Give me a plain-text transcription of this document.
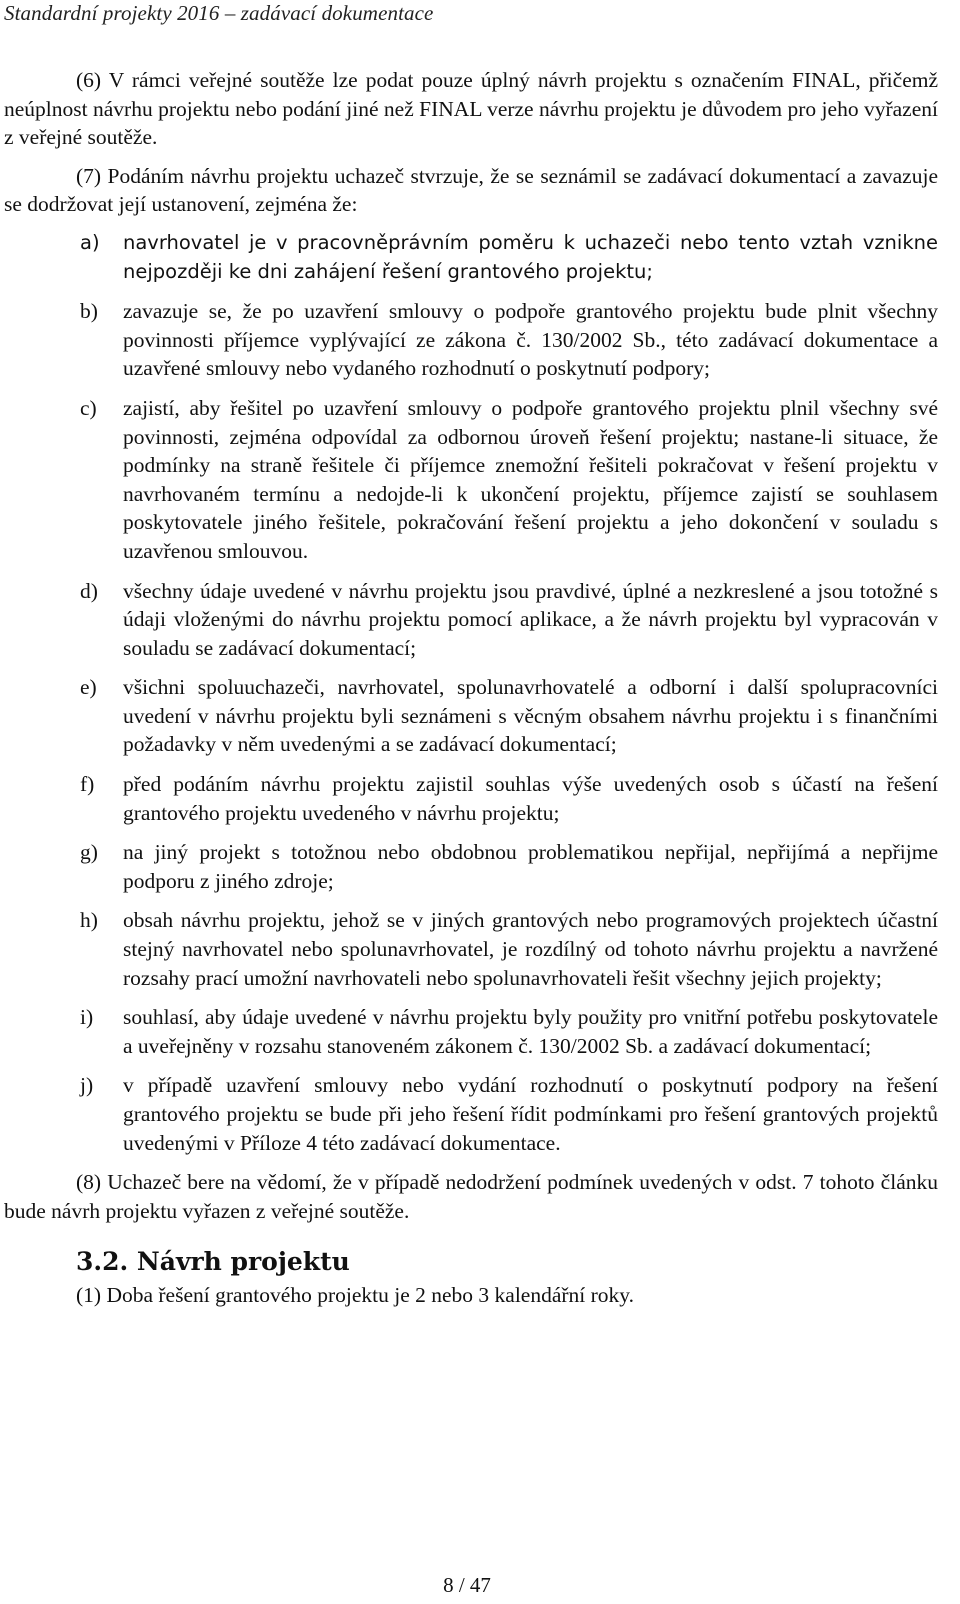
Standardní projekty 2016 – zadávací dokumentace

(6) V rámci veřejné soutěže lze podat pouze úplný návrh projektu s označením FINAL, přičemž neúplnost návrhu projektu nebo podání jiné než FINAL verze návrhu projektu je důvodem pro jeho vyřazení z veřejné soutěže.

(7) Podáním návrhu projektu uchazeč stvrzuje, že se seznámil se zadávací dokumentací a zavazuje se dodržovat její ustanovení, zejména že:

a) navrhovatel je v pracovněprávním poměru k uchazeči nebo tento vztah vznikne nejpozději ke dni zahájení řešení grantového projektu;
b) zavazuje se, že po uzavření smlouvy o podpoře grantového projektu bude plnit všechny povinnosti příjemce vyplývající ze zákona č. 130/2002 Sb., této zadávací dokumentace a uzavřené smlouvy nebo vydaného rozhodnutí o poskytnutí podpory;
c) zajistí, aby řešitel po uzavření smlouvy o podpoře grantového projektu plnil všechny své povinnosti, zejména odpovídal za odbornou úroveň řešení projektu; nastane-li situace, že podmínky na straně řešitele či příjemce znemožní řešiteli pokračovat v řešení projektu v navrhovaném termínu a nedojde-li k ukončení projektu, příjemce zajistí se souhlasem poskytovatele jiného řešitele, pokračování řešení projektu a jeho dokončení v souladu s uzavřenou smlouvou.
d) všechny údaje uvedené v návrhu projektu jsou pravdivé, úplné a nezkreslené a jsou totožné s údaji vloženými do návrhu projektu pomocí aplikace, a že návrh projektu byl vypracován v souladu se zadávací dokumentací;
e) všichni spoluuchazeči, navrhovatel, spolunavrhovatelé a odborní i další spolupracovníci uvedení v návrhu projektu byli seznámeni s věcným obsahem návrhu projektu i s finančními požadavky v něm uvedenými a se zadávací dokumentací;
f) před podáním návrhu projektu zajistil souhlas výše uvedených osob s účastí na řešení grantového projektu uvedeného v návrhu projektu;
g) na jiný projekt s totožnou nebo obdobnou problematikou nepřijal, nepřijímá a nepřijme podporu z jiného zdroje;
h) obsah návrhu projektu, jehož se v jiných grantových nebo programových projektech účastní stejný navrhovatel nebo spolunavrhovatel, je rozdílný od tohoto návrhu projektu a navržené rozsahy prací umožní navrhovateli nebo spolunavrhovateli řešit všechny jejich projekty;
i) souhlasí, aby údaje uvedené v návrhu projektu byly použity pro vnitřní potřebu poskytovatele a uveřejněny v rozsahu stanoveném zákonem č. 130/2002 Sb. a zadávací dokumentací;
j) v případě uzavření smlouvy nebo vydání rozhodnutí o poskytnutí podpory na řešení grantového projektu se bude při jeho řešení řídit podmínkami pro řešení grantových projektů uvedenými v Příloze 4 této zadávací dokumentace.

(8) Uchazeč bere na vědomí, že v případě nedodržení podmínek uvedených v odst. 7 tohoto článku bude návrh projektu vyřazen z veřejné soutěže.

3.2. Návrh projektu

(1) Doba řešení grantového projektu je 2 nebo 3 kalendářní roky.

8 / 47
